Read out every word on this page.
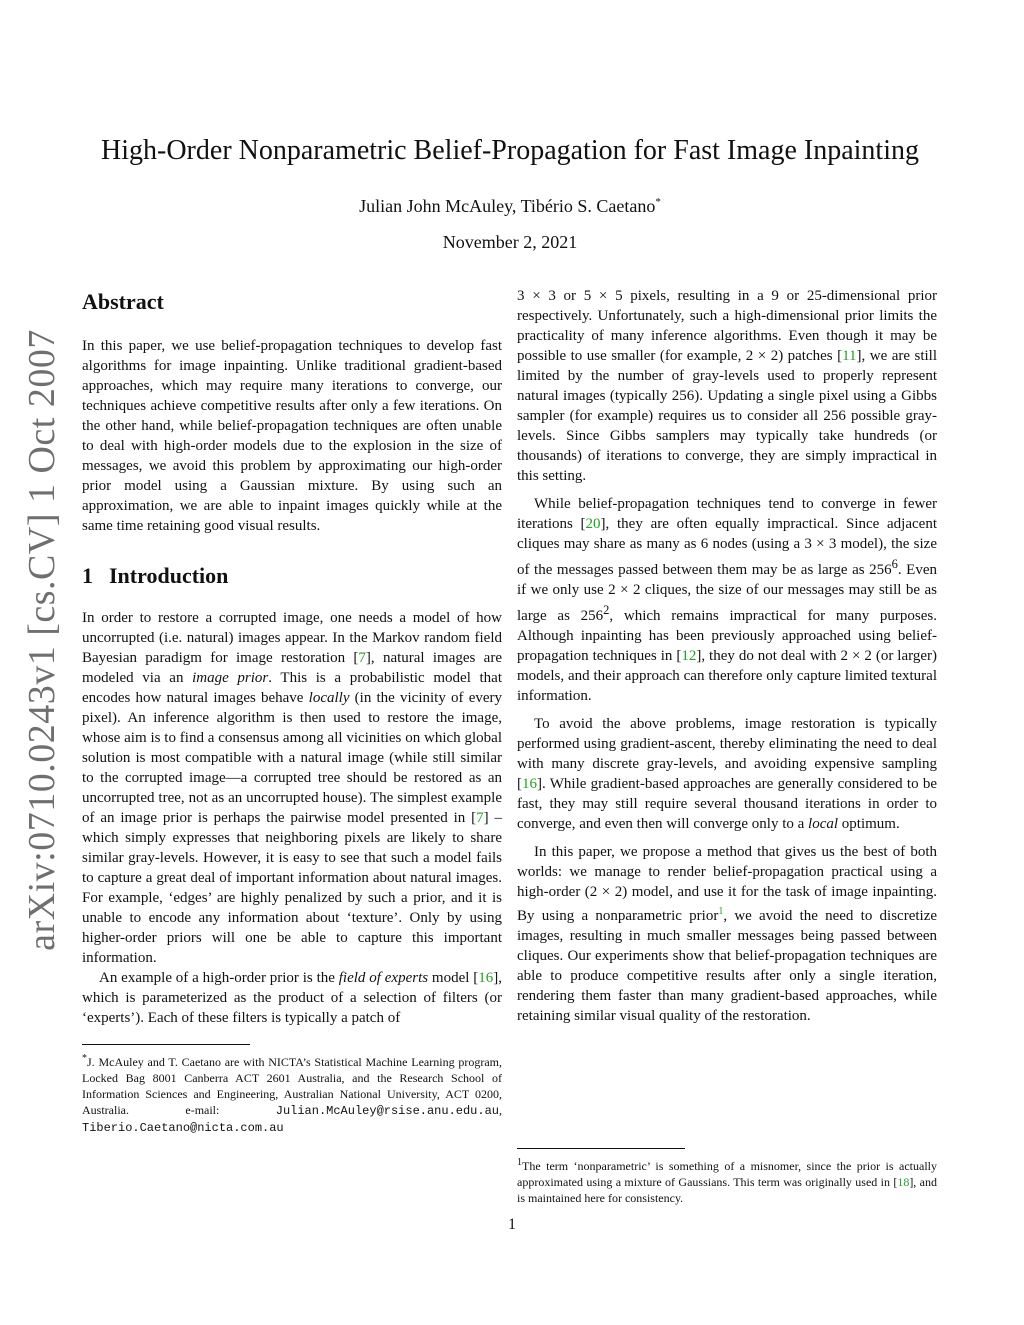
arXiv:0710.0243v1 [cs.CV] 1 Oct 2007
High-Order Nonparametric Belief-Propagation for Fast Image Inpainting
Julian John McAuley, Tibério S. Caetano*
November 2, 2021
Abstract

In this paper, we use belief-propagation techniques to develop fast algorithms for image inpainting. Unlike traditional gradient-based approaches, which may require many iterations to converge, our techniques achieve competitive results after only a few iterations. On the other hand, while belief-propagation techniques are often unable to deal with high-order models due to the explosion in the size of messages, we avoid this problem by approximating our high-order prior model using a Gaussian mixture. By using such an approximation, we are able to inpaint images quickly while at the same time retaining good visual results.

1 Introduction

In order to restore a corrupted image, one needs a model of how uncorrupted (i.e. natural) images appear. In the Markov random field Bayesian paradigm for image restoration [7], natural images are modeled via an image prior. This is a probabilistic model that encodes how natural images behave locally (in the vicinity of every pixel). An inference algorithm is then used to restore the image, whose aim is to find a consensus among all vicinities on which global solution is most compatible with a natural image (while still similar to the corrupted image—a corrupted tree should be restored as an uncorrupted tree, not as an uncorrupted house). The simplest example of an image prior is perhaps the pairwise model presented in [7] – which simply expresses that neighboring pixels are likely to share similar gray-levels. However, it is easy to see that such a model fails to capture a great deal of important information about natural images. For example, ‘edges’ are highly penalized by such a prior, and it is unable to encode any information about ‘texture’. Only by using higher-order priors will one be able to capture this important information.

An example of a high-order prior is the field of experts model [16], which is parameterized as the product of a selection of filters (or ‘experts’). Each of these filters is typically a patch of

*J. McAuley and T. Caetano are with NICTA’s Statistical Machine Learning program, Locked Bag 8001 Canberra ACT 2601 Australia, and the Research School of Information Sciences and Engineering, Australian National University, ACT 0200, Australia. e-mail: Julian.McAuley@rsise.anu.edu.au, Tiberio.Caetano@nicta.com.au

3 × 3 or 5 × 5 pixels, resulting in a 9 or 25-dimensional prior respectively. Unfortunately, such a high-dimensional prior limits the practicality of many inference algorithms. Even though it may be possible to use smaller (for example, 2 × 2) patches [11], we are still limited by the number of gray-levels used to properly represent natural images (typically 256). Updating a single pixel using a Gibbs sampler (for example) requires us to consider all 256 possible gray-levels. Since Gibbs samplers may typically take hundreds (or thousands) of iterations to converge, they are simply impractical in this setting.

While belief-propagation techniques tend to converge in fewer iterations [20], they are often equally impractical. Since adjacent cliques may share as many as 6 nodes (using a 3 × 3 model), the size of the messages passed between them may be as large as $256^6$. Even if we only use 2 × 2 cliques, the size of our messages may still be as large as $256^2$, which remains impractical for many purposes. Although inpainting has been previously approached using belief-propagation techniques in [12], they do not deal with 2 × 2 (or larger) models, and their approach can therefore only capture limited textural information.

To avoid the above problems, image restoration is typically performed using gradient-ascent, thereby eliminating the need to deal with many discrete gray-levels, and avoiding expensive sampling [16]. While gradient-based approaches are generally considered to be fast, they may still require several thousand iterations in order to converge, and even then will converge only to a local optimum.

In this paper, we propose a method that gives us the best of both worlds: we manage to render belief-propagation practical using a high-order (2 × 2) model, and use it for the task of image inpainting. By using a nonparametric prior$^1$, we avoid the need to discretize images, resulting in much smaller messages being passed between cliques. Our experiments show that belief-propagation techniques are able to produce competitive results after only a single iteration, rendering them faster than many gradient-based approaches, while retaining similar visual quality of the restoration.

$^1$The term ‘nonparametric’ is something of a misnomer, since the prior is actually approximated using a mixture of Gaussians. This term was originally used in [18], and is maintained here for consistency.

1
